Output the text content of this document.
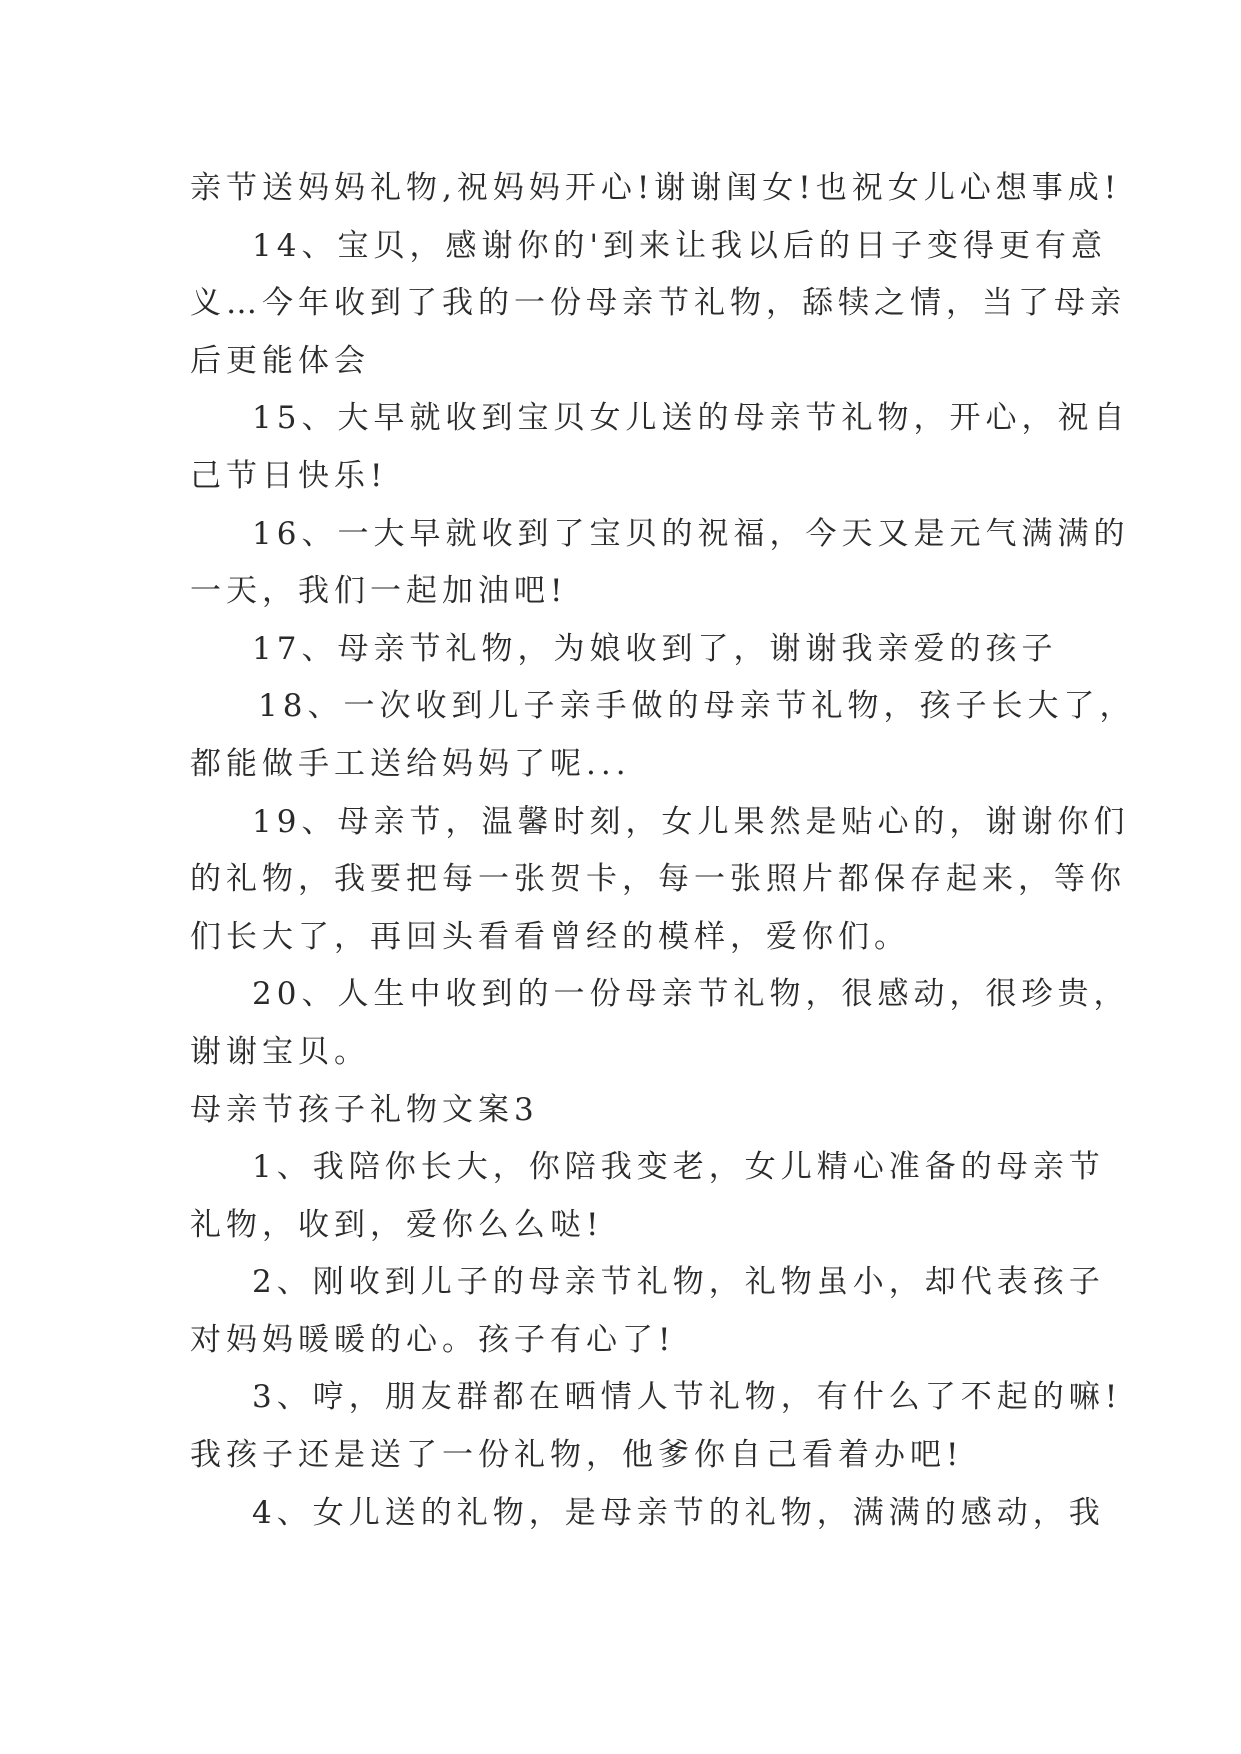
亲节送妈妈礼物,祝妈妈开心!谢谢闺女!也祝女儿心想事成!
14、宝贝，感谢你的'到来让我以后的日子变得更有意
义…今年收到了我的一份母亲节礼物，舔犊之情，当了母亲
后更能体会
15、大早就收到宝贝女儿送的母亲节礼物，开心，祝自
己节日快乐!
16、一大早就收到了宝贝的祝福，今天又是元气满满的
一天，我们一起加油吧!
17、母亲节礼物，为娘收到了，谢谢我亲爱的孩子
18、一次收到儿子亲手做的母亲节礼物，孩子长大了，
都能做手工送给妈妈了呢...
19、母亲节，温馨时刻，女儿果然是贴心的，谢谢你们
的礼物，我要把每一张贺卡，每一张照片都保存起来，等你
们长大了，再回头看看曾经的模样，爱你们。
20、人生中收到的一份母亲节礼物，很感动，很珍贵，
谢谢宝贝。
母亲节孩子礼物文案3
1、我陪你长大，你陪我变老，女儿精心准备的母亲节
礼物，收到，爱你么么哒!
2、刚收到儿子的母亲节礼物，礼物虽小，却代表孩子
对妈妈暖暖的心。孩子有心了!
3、哼，朋友群都在晒情人节礼物，有什么了不起的嘛!
我孩子还是送了一份礼物，他爹你自己看着办吧!
4、女儿送的礼物，是母亲节的礼物，满满的感动，我
